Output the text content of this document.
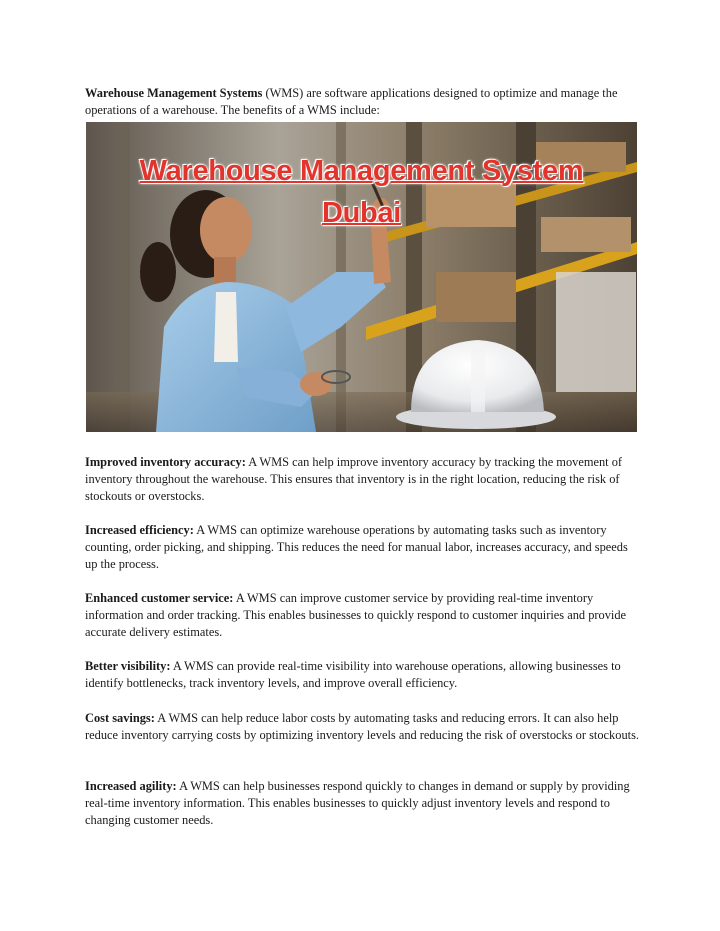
Warehouse Management Systems (WMS) are software applications designed to optimize and manage the operations of a warehouse. The benefits of a WMS include:

Warehouse Management System
Dubai

Improved inventory accuracy: A WMS can help improve inventory accuracy by tracking the movement of inventory throughout the warehouse. This ensures that inventory is in the right location, reducing the risk of stockouts or overstocks.

Increased efficiency: A WMS can optimize warehouse operations by automating tasks such as inventory counting, order picking, and shipping. This reduces the need for manual labor, increases accuracy, and speeds up the process.

Enhanced customer service: A WMS can improve customer service by providing real-time inventory information and order tracking. This enables businesses to quickly respond to customer inquiries and provide accurate delivery estimates.

Better visibility: A WMS can provide real-time visibility into warehouse operations, allowing businesses to identify bottlenecks, track inventory levels, and improve overall efficiency.

Cost savings: A WMS can help reduce labor costs by automating tasks and reducing errors. It can also help reduce inventory carrying costs by optimizing inventory levels and reducing the risk of overstocks or stockouts.

Increased agility: A WMS can help businesses respond quickly to changes in demand or supply by providing real-time inventory information. This enables businesses to quickly adjust inventory levels and respond to changing customer needs.
